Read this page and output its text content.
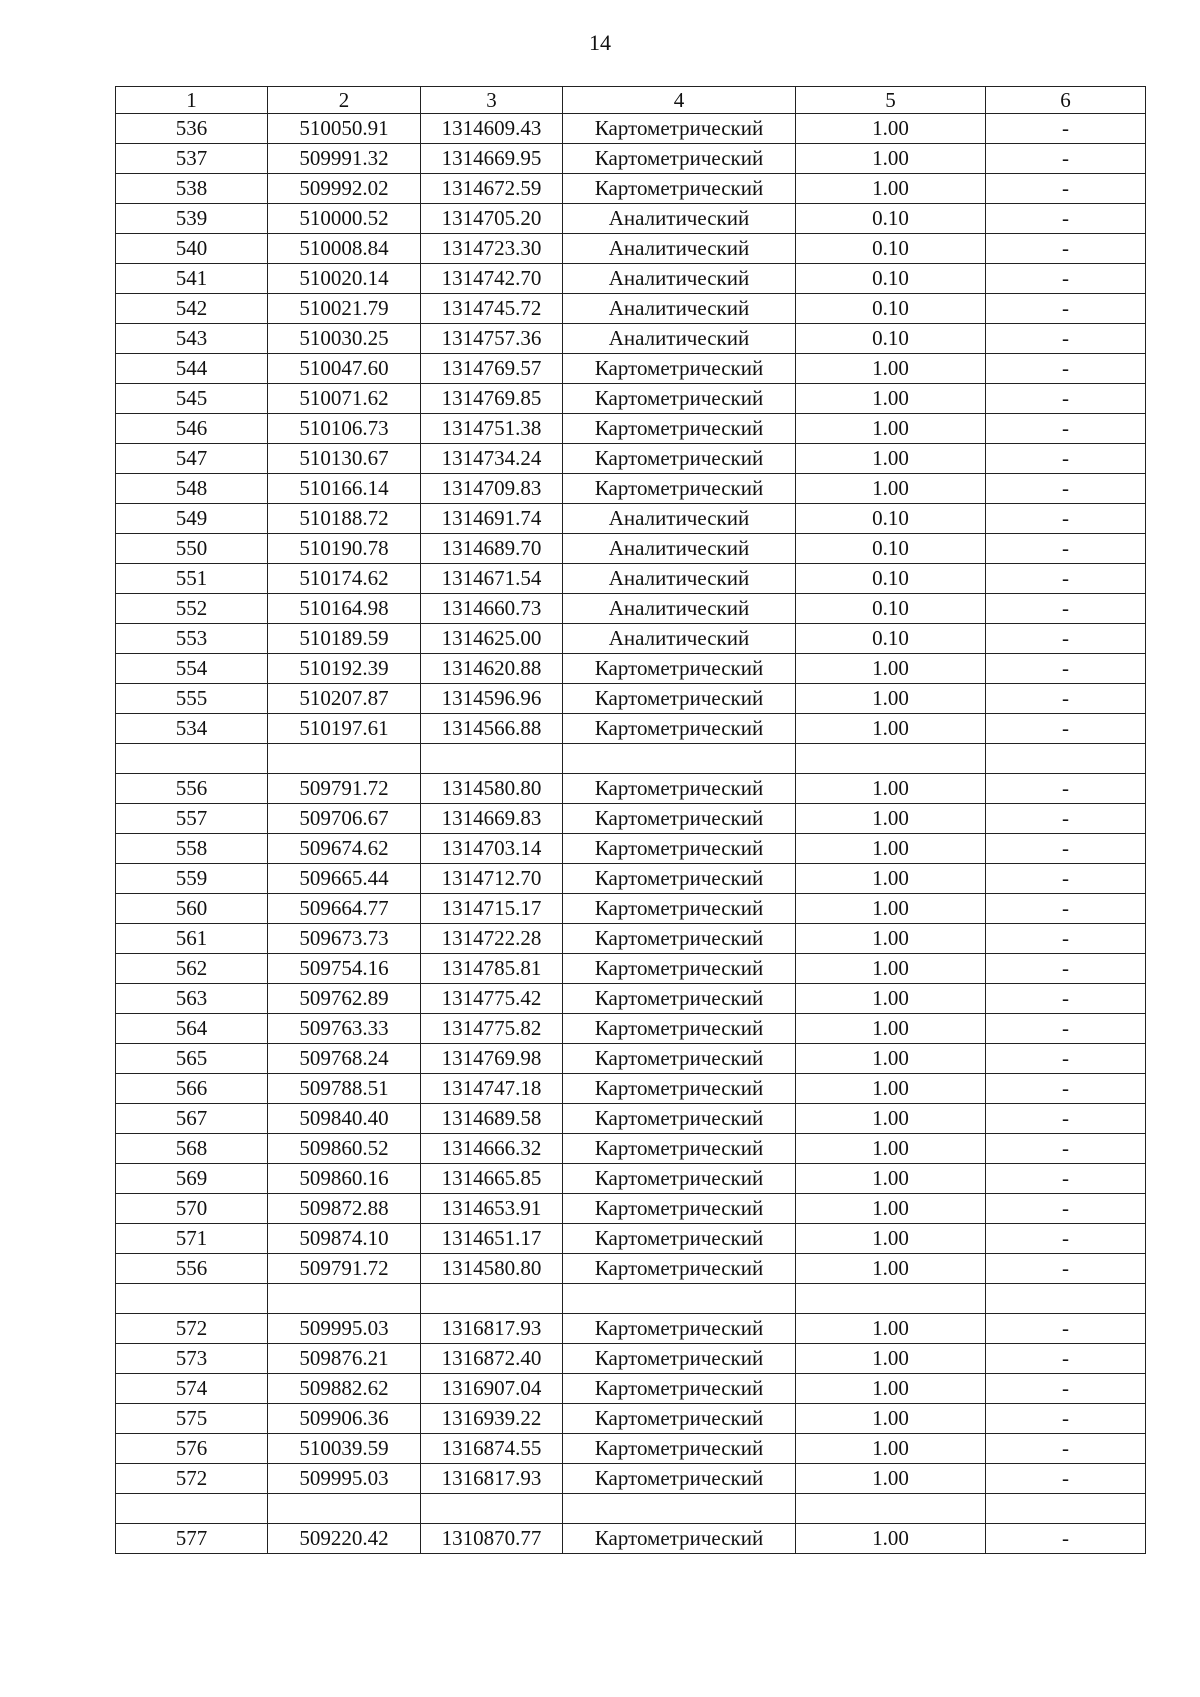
14
1	2	3	4	5	6
536	510050.91	1314609.43	Картометрический	1.00	-
537	509991.32	1314669.95	Картометрический	1.00	-
538	509992.02	1314672.59	Картометрический	1.00	-
539	510000.52	1314705.20	Аналитический	0.10	-
540	510008.84	1314723.30	Аналитический	0.10	-
541	510020.14	1314742.70	Аналитический	0.10	-
542	510021.79	1314745.72	Аналитический	0.10	-
543	510030.25	1314757.36	Аналитический	0.10	-
544	510047.60	1314769.57	Картометрический	1.00	-
545	510071.62	1314769.85	Картометрический	1.00	-
546	510106.73	1314751.38	Картометрический	1.00	-
547	510130.67	1314734.24	Картометрический	1.00	-
548	510166.14	1314709.83	Картометрический	1.00	-
549	510188.72	1314691.74	Аналитический	0.10	-
550	510190.78	1314689.70	Аналитический	0.10	-
551	510174.62	1314671.54	Аналитический	0.10	-
552	510164.98	1314660.73	Аналитический	0.10	-
553	510189.59	1314625.00	Аналитический	0.10	-
554	510192.39	1314620.88	Картометрический	1.00	-
555	510207.87	1314596.96	Картометрический	1.00	-
534	510197.61	1314566.88	Картометрический	1.00	-

556	509791.72	1314580.80	Картометрический	1.00	-
557	509706.67	1314669.83	Картометрический	1.00	-
558	509674.62	1314703.14	Картометрический	1.00	-
559	509665.44	1314712.70	Картометрический	1.00	-
560	509664.77	1314715.17	Картометрический	1.00	-
561	509673.73	1314722.28	Картометрический	1.00	-
562	509754.16	1314785.81	Картометрический	1.00	-
563	509762.89	1314775.42	Картометрический	1.00	-
564	509763.33	1314775.82	Картометрический	1.00	-
565	509768.24	1314769.98	Картометрический	1.00	-
566	509788.51	1314747.18	Картометрический	1.00	-
567	509840.40	1314689.58	Картометрический	1.00	-
568	509860.52	1314666.32	Картометрический	1.00	-
569	509860.16	1314665.85	Картометрический	1.00	-
570	509872.88	1314653.91	Картометрический	1.00	-
571	509874.10	1314651.17	Картометрический	1.00	-
556	509791.72	1314580.80	Картометрический	1.00	-

572	509995.03	1316817.93	Картометрический	1.00	-
573	509876.21	1316872.40	Картометрический	1.00	-
574	509882.62	1316907.04	Картометрический	1.00	-
575	509906.36	1316939.22	Картометрический	1.00	-
576	510039.59	1316874.55	Картометрический	1.00	-
572	509995.03	1316817.93	Картометрический	1.00	-

577	509220.42	1310870.77	Картометрический	1.00	-
